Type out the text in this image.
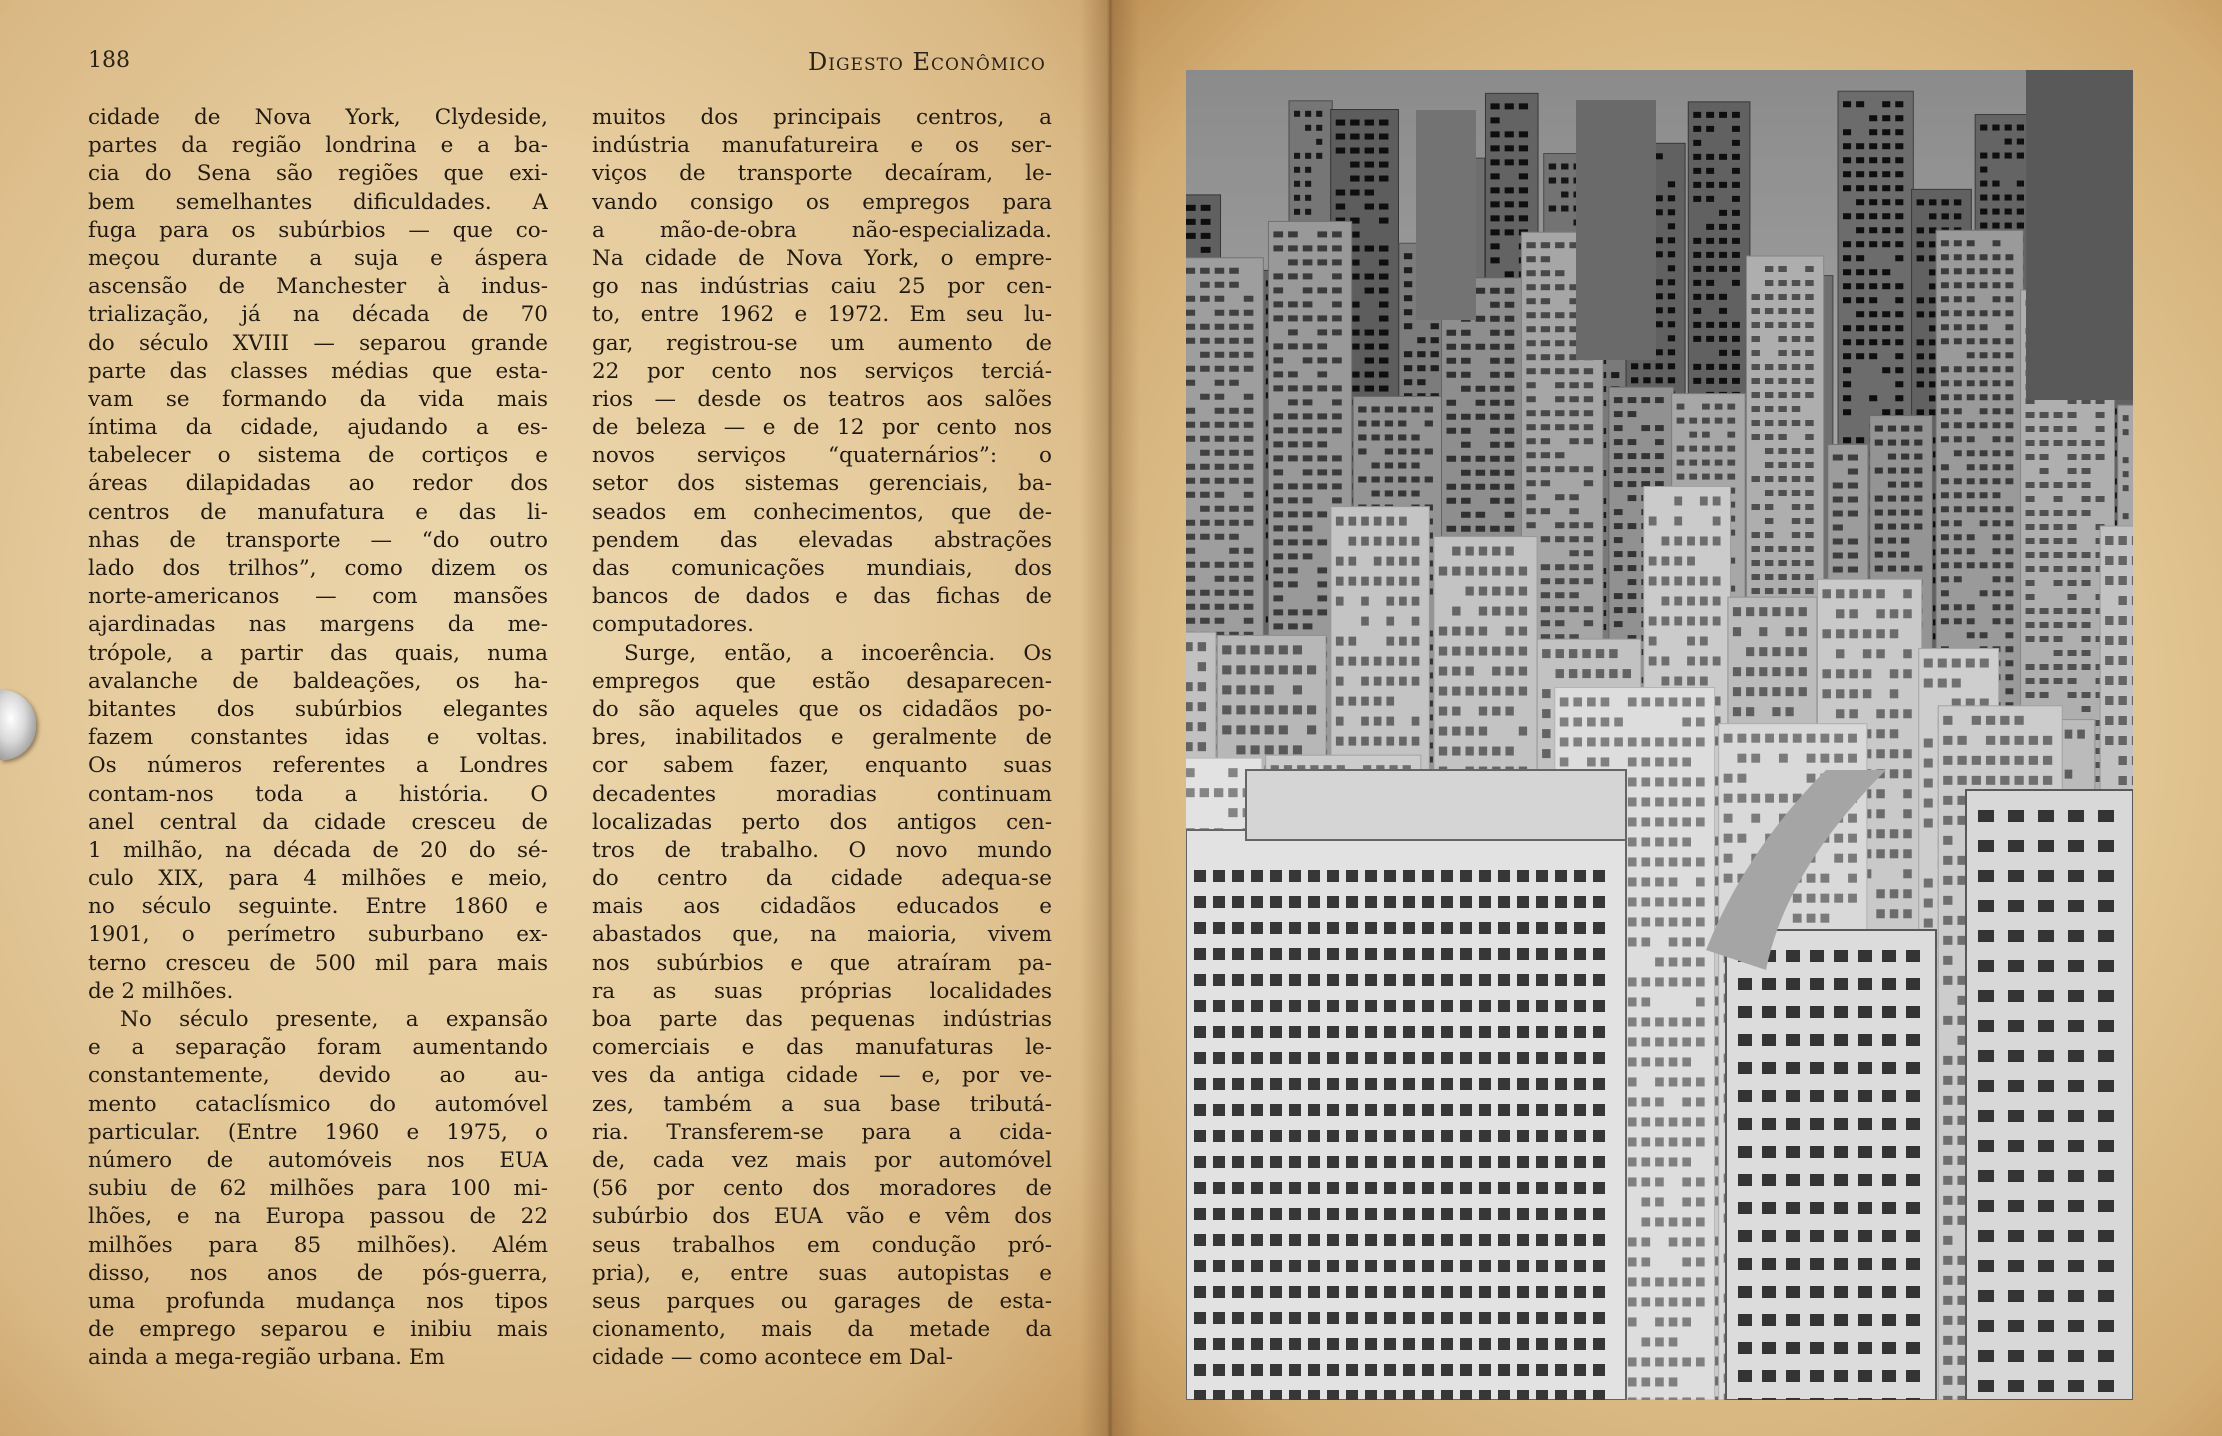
188	Digesto Econômico
cidade de Nova York, Clydeside,
partes da região londrina e a ba-
cia do Sena são regiões que exi-
bem semelhantes dificuldades. A
fuga para os subúrbios — que co-
meçou durante a suja e áspera
ascensão de Manchester à indus-
trialização, já na década de 70
do século XVIII — separou grande
parte das classes médias que esta-
vam se formando da vida mais
íntima da cidade, ajudando a es-
tabelecer o sistema de cortiços e
áreas dilapidadas ao redor dos
centros de manufatura e das li-
nhas de transporte — “do outro
lado dos trilhos”, como dizem os
norte-americanos — com mansões
ajardinadas nas margens da me-
trópole, a partir das quais, numa
avalanche de baldeações, os ha-
bitantes dos subúrbios elegantes
fazem constantes idas e voltas.
Os números referentes a Londres
contam-nos toda a história. O
anel central da cidade cresceu de
1 milhão, na década de 20 do sé-
culo XIX, para 4 milhões e meio,
no século seguinte. Entre 1860 e
1901, o perímetro suburbano ex-
terno cresceu de 500 mil para mais
de 2 milhões.
No século presente, a expansão
e a separação foram aumentando
constantemente, devido ao au-
mento cataclísmico do automóvel
particular. (Entre 1960 e 1975, o
número de automóveis nos EUA
subiu de 62 milhões para 100 mi-
lhões, e na Europa passou de 22
milhões para 85 milhões). Além
disso, nos anos de pós-guerra,
uma profunda mudança nos tipos
de emprego separou e inibiu mais
ainda a mega-região urbana. Em
muitos dos principais centros, a
indústria manufatureira e os ser-
viços de transporte decaíram, le-
vando consigo os empregos para
a mão-de-obra não-especializada.
Na cidade de Nova York, o empre-
go nas indústrias caiu 25 por cen-
to, entre 1962 e 1972. Em seu lu-
gar, registrou-se um aumento de
22 por cento nos serviços terciá-
rios — desde os teatros aos salões
de beleza — e de 12 por cento nos
novos serviços “quaternários”: o
setor dos sistemas gerenciais, ba-
seados em conhecimentos, que de-
pendem das elevadas abstrações
das comunicações mundiais, dos
bancos de dados e das fichas de
computadores.
Surge, então, a incoerência. Os
empregos que estão desaparecen-
do são aqueles que os cidadãos po-
bres, inabilitados e geralmente de
cor sabem fazer, enquanto suas
decadentes moradias continuam
localizadas perto dos antigos cen-
tros de trabalho. O novo mundo
do centro da cidade adequa-se
mais aos cidadãos educados e
abastados que, na maioria, vivem
nos subúrbios e que atraíram pa-
ra as suas próprias localidades
boa parte das pequenas indústrias
comerciais e das manufaturas le-
ves da antiga cidade — e, por ve-
zes, também a sua base tributá-
ria. Transferem-se para a cida-
de, cada vez mais por automóvel
(56 por cento dos moradores de
subúrbio dos EUA vão e vêm dos
seus trabalhos em condução pró-
pria), e, entre suas autopistas e
seus parques ou garages de esta-
cionamento, mais da metade da
cidade — como acontece em Dal-
